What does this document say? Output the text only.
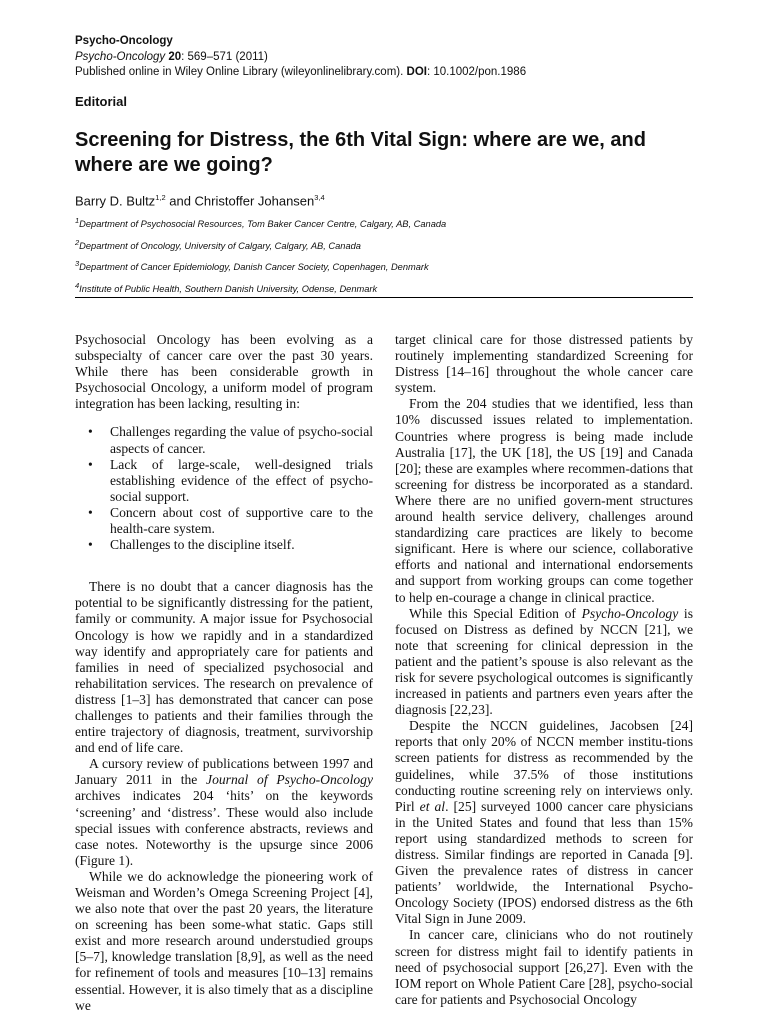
Psycho-Oncology
Psycho-Oncology 20: 569–571 (2011)
Published online in Wiley Online Library (wileyonlinelibrary.com). DOI: 10.1002/pon.1986
Editorial
Screening for Distress, the 6th Vital Sign: where are we, and where are we going?
Barry D. Bultz$^{1,2}$ and Christoffer Johansen$^{3,4}$
$^1$Department of Psychosocial Resources, Tom Baker Cancer Centre, Calgary, AB, Canada
$^2$Department of Oncology, University of Calgary, Calgary, AB, Canada
$^3$Department of Cancer Epidemiology, Danish Cancer Society, Copenhagen, Denmark
$^4$Institute of Public Health, Southern Danish University, Odense, Denmark

Psychosocial Oncology has been evolving as a subspecialty of cancer care over the past 30 years. While there has been considerable growth in Psychosocial Oncology, a uniform model of program integration has been lacking, resulting in:

• Challenges regarding the value of psycho-social aspects of cancer.
• Lack of large-scale, well-designed trials establishing evidence of the effect of psycho-social support.
• Concern about cost of supportive care to the health-care system.
• Challenges to the discipline itself.

There is no doubt that a cancer diagnosis has the potential to be significantly distressing for the patient, family or community. A major issue for Psychosocial Oncology is how we rapidly and in a standardized way identify and appropriately care for patients and families in need of specialized psychosocial and rehabilitation services. The research on prevalence of distress [1–3] has demonstrated that cancer can pose challenges to patients and their families through the entire trajectory of diagnosis, treatment, survivorship and end of life care.

A cursory review of publications between 1997 and January 2011 in the Journal of Psycho-Oncology archives indicates 204 ‘hits’ on the keywords ‘screening’ and ‘distress’. These would also include special issues with conference abstracts, reviews and case notes. Noteworthy is the upsurge since 2006 (Figure 1).

While we do acknowledge the pioneering work of Weisman and Worden’s Omega Screening Project [4], we also note that over the past 20 years, the literature on screening has been some-what static. Gaps still exist and more research around understudied groups [5–7], knowledge translation [8,9], as well as the need for refinement of tools and measures [10–13] remains essential. However, it is also timely that as a discipline we

target clinical care for those distressed patients by routinely implementing standardized Screening for Distress [14–16] throughout the whole cancer care system.

From the 204 studies that we identified, less than 10% discussed issues related to implementation. Countries where progress is being made include Australia [17], the UK [18], the US [19] and Canada [20]; these are examples where recommen-dations that screening for distress be incorporated as a standard. Where there are no unified govern-ment structures around health service delivery, challenges around standardizing care practices are likely to become significant. Here is where our science, collaborative efforts and national and international endorsements and support from working groups can come together to help en-courage a change in clinical practice.

While this Special Edition of Psycho-Oncology is focused on Distress as defined by NCCN [21], we note that screening for clinical depression in the patient and the patient’s spouse is also relevant as the risk for severe psychological outcomes is significantly increased in patients and partners even years after the diagnosis [22,23].

Despite the NCCN guidelines, Jacobsen [24] reports that only 20% of NCCN member institu-tions screen patients for distress as recommended by the guidelines, while 37.5% of those institutions conducting routine screening rely on interviews only. Pirl et al. [25] surveyed 1000 cancer care physicians in the United States and found that less than 15% report using standardized methods to screen for distress. Similar findings are reported in Canada [9]. Given the prevalence rates of distress in cancer patients’ worldwide, the International Psycho-Oncology Society (IPOS) endorsed distress as the 6th Vital Sign in June 2009.

In cancer care, clinicians who do not routinely screen for distress might fail to identify patients in need of psychosocial support [26,27]. Even with the IOM report on Whole Patient Care [28], psycho-social care for patients and Psychosocial Oncology
